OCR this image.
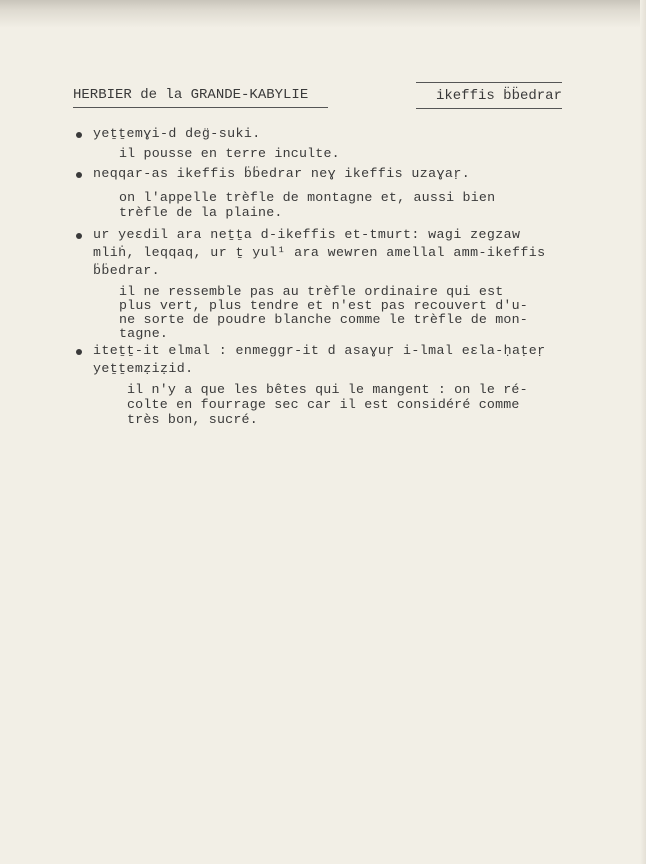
HERBIER de la GRANDE-KABYLIE	ikeffis b̈b̈edrar
yeṯṯemɣi-d deg̈-suki.
il pousse en terre inculte.
neqqar-as ikeffis b̈b̈edrar neɣ ikeffis uzaɣaṛ.
on l'appelle trèfle de montagne et, aussi bien
trèfle de la plaine.
ur yeɛdil ara neṯṯa d-ikeffis et-tmurt: wagi zegzaw
mliḣ, leqqaq, ur ṯ yul¹ ara wewren amellal amm-ikeffis
b̈b̈edrar.
il ne ressemble pas au trèfle ordinaire qui est
plus vert, plus tendre et n'est pas recouvert d'u-
ne sorte de poudre blanche comme le trèfle de mon-
tagne.
iteṯṯ-it elmal : enmeggr-it d asaɣuṛ i-lmal eɛla-ḥaṭeṛ
yeṯṯemẓiẓid.
il n'y a que les bêtes qui le mangent : on le ré-
colte en fourrage sec car il est considéré comme
très bon, sucré.
